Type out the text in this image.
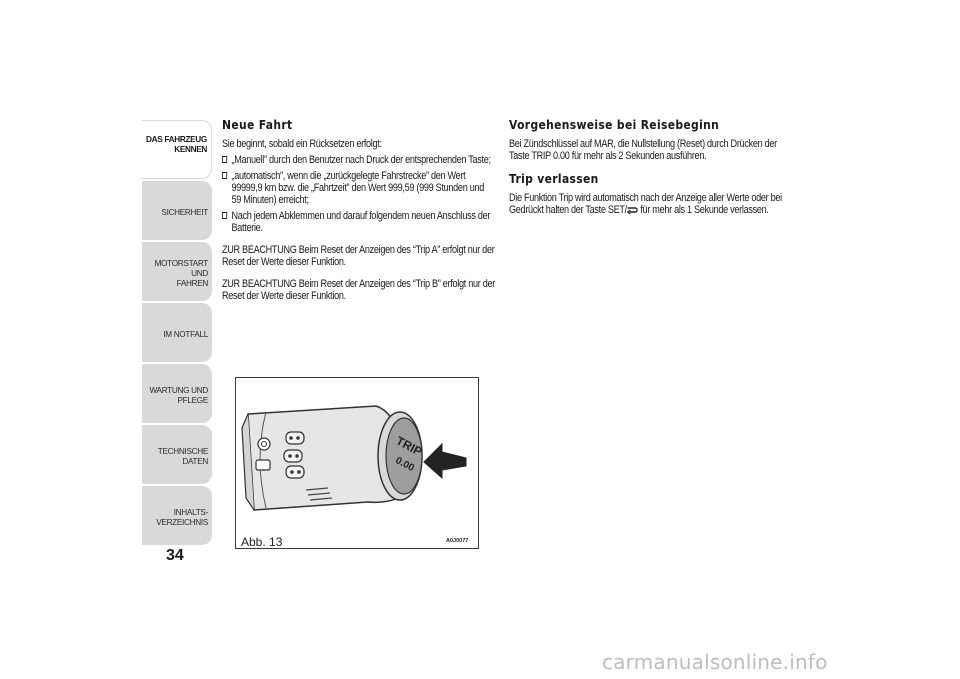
DAS FAHRZEUG
KENNEN
SICHERHEIT
MOTORSTART UND
FAHREN
IM NOTFALL
WARTUNG UND
PFLEGE
TECHNISCHE DATEN
INHALTS-
VERZEICHNIS
34
Neue Fahrt

Sie beginnt, sobald ein Rücksetzen erfolgt:

„Manuell” durch den Benutzer nach Druck der entsprechenden Taste;
„automatisch”, wenn die „zurückgelegte Fahrstrecke” den Wert 99999,9 km bzw. die „Fahrtzeit” den Wert 999,59 (999 Stunden und 59 Minuten) erreicht;
Nach jedem Abklemmen und darauf folgendem neuen Anschluss der Batterie.

ZUR BEACHTUNG Beim Reset der Anzeigen des “Trip A” erfolgt nur der Reset der Werte dieser Funktion.

ZUR BEACHTUNG Beim Reset der Anzeigen des “Trip B” erfolgt nur der Reset der Werte dieser Funktion.

Vorgehensweise bei Reisebeginn

Bei Zündschlüssel auf MAR, die Nullstellung (Reset) durch Drücken der Taste TRIP 0.00 für mehr als 2 Sekunden ausführen.

Trip verlassen

Die Funktion Trip wird automatisch nach der Anzeige aller Werte oder bei Gedrückt halten der Taste SET/ für mehr als 1 Sekunde verlassen.

TRIP
0.00
Abb. 13	A0J0077
carmanualsonline.info
